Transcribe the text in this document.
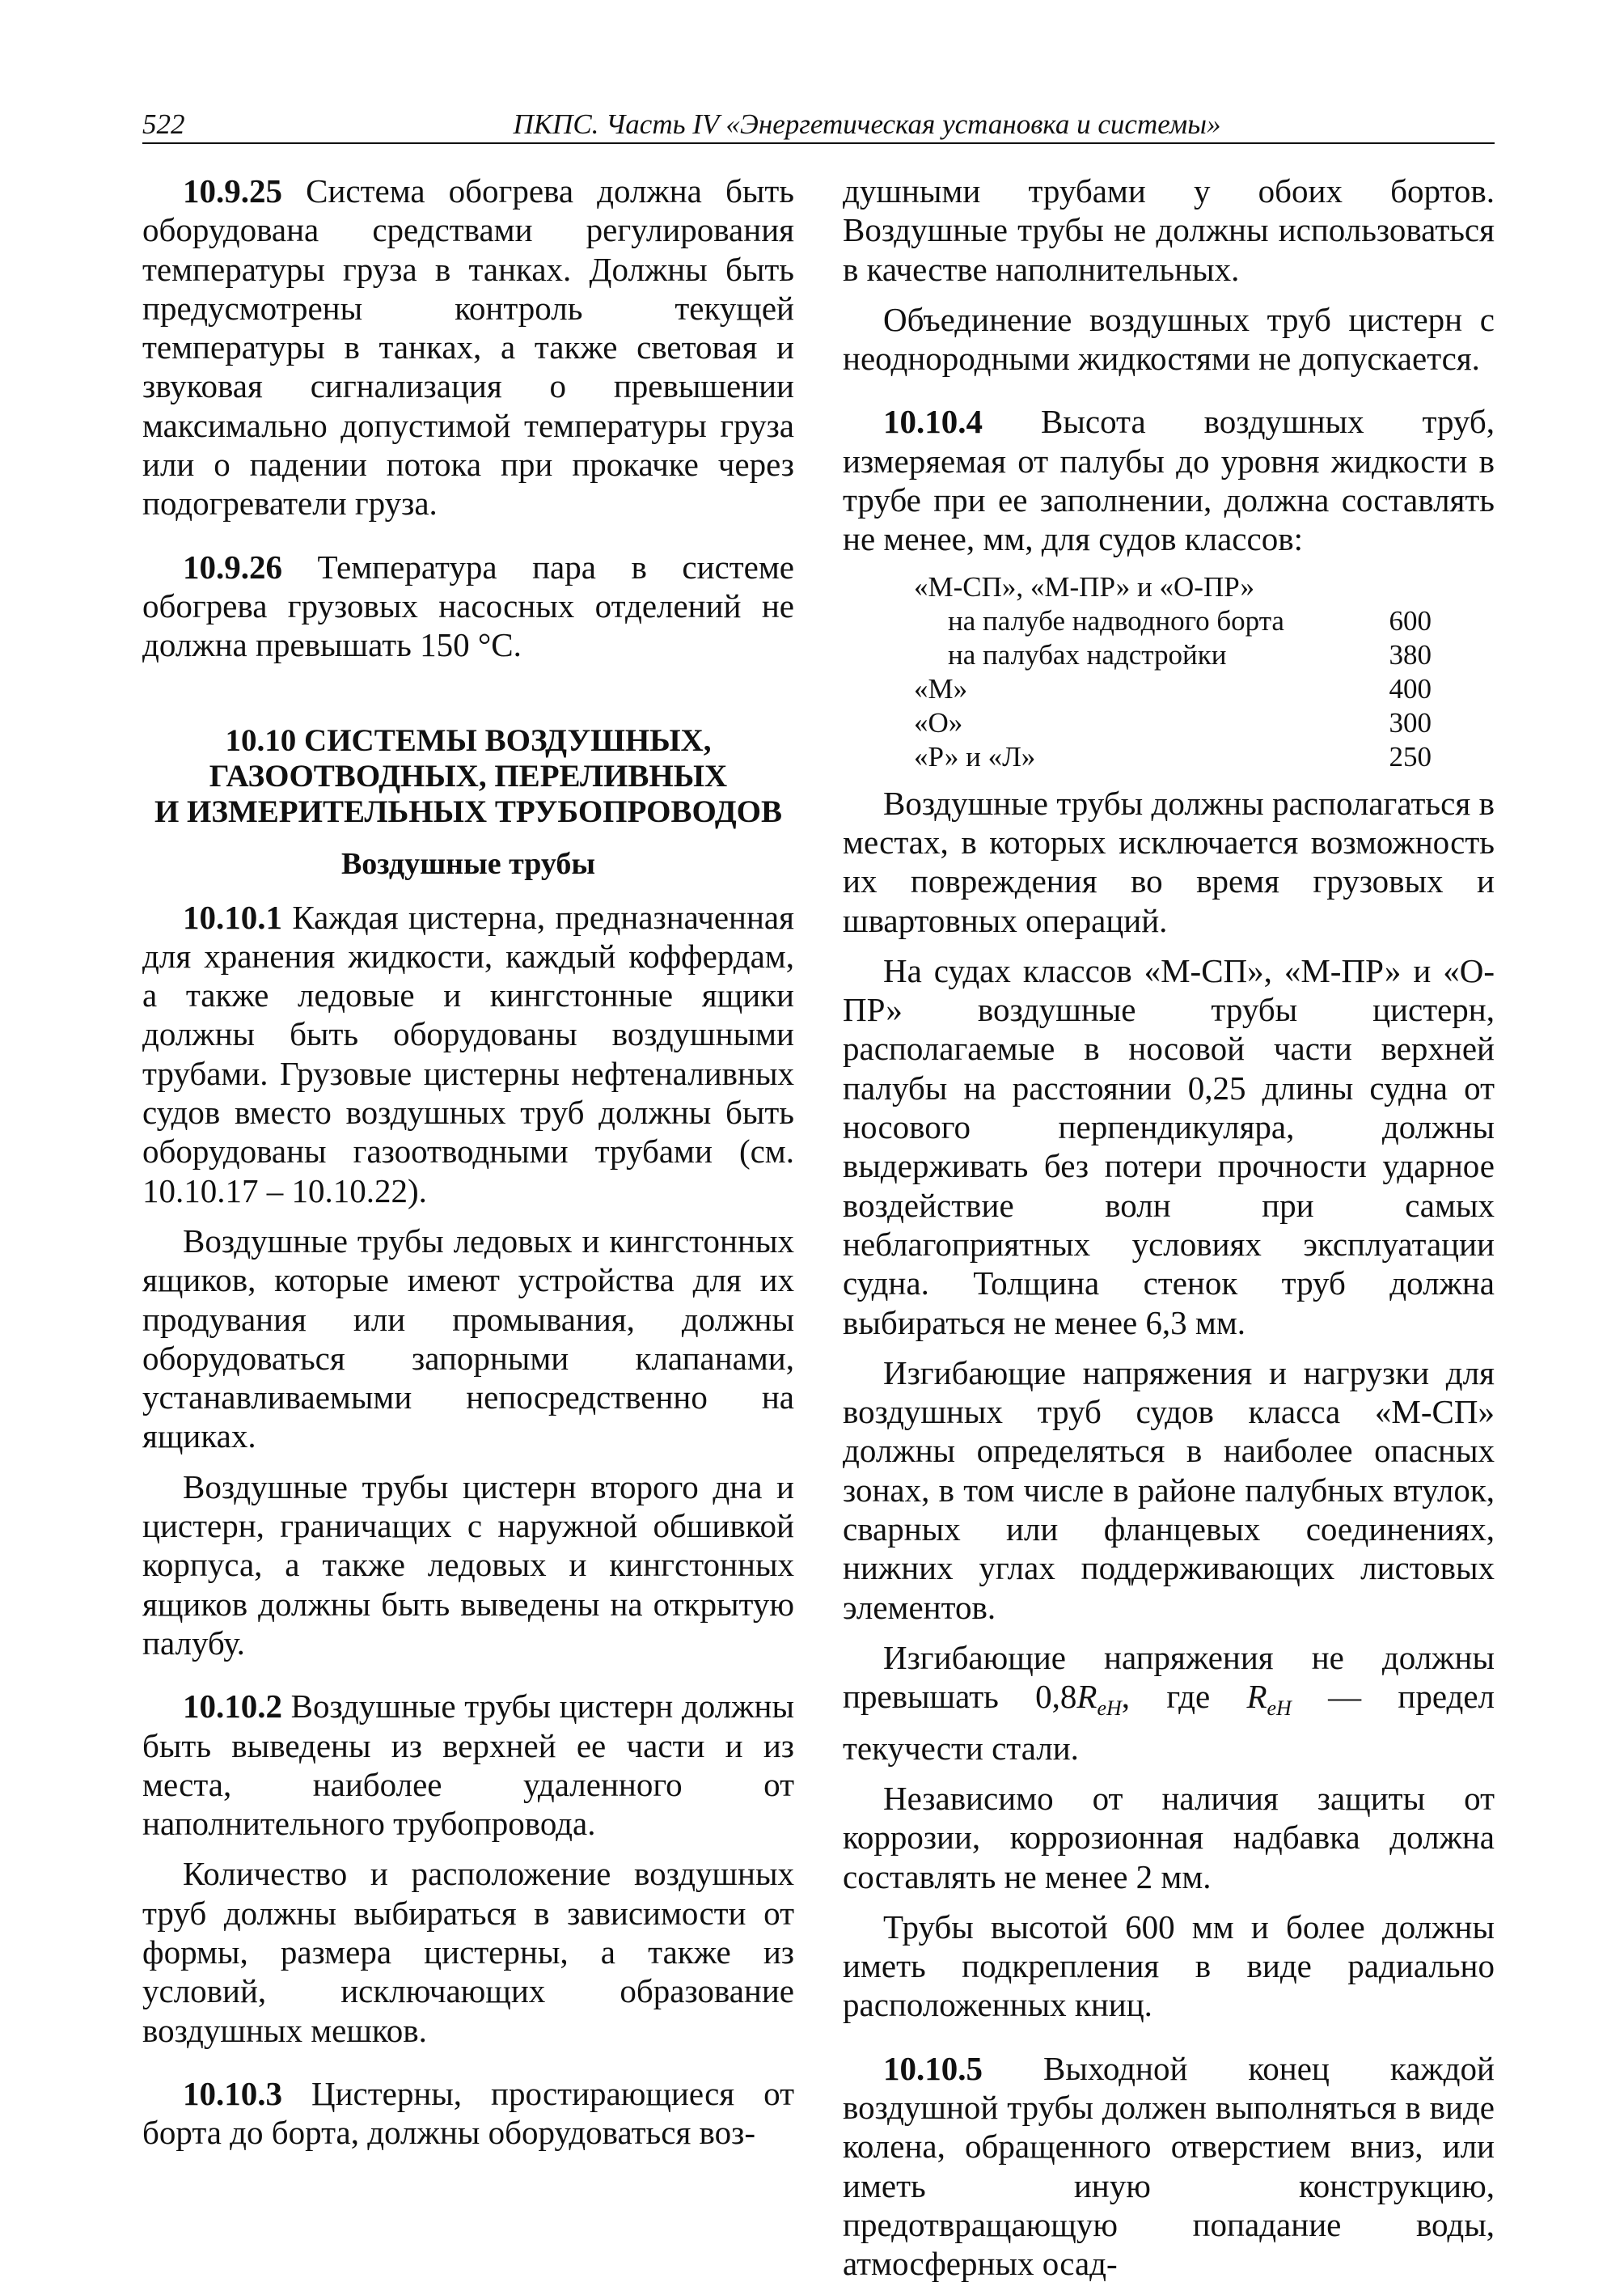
522	ПКПС. Часть IV «Энергетическая установка и системы»

10.9.25 Система обогрева должна быть оборудована средствами регулирования температуры груза в танках. Должны быть предусмотрены контроль текущей температуры в танках, а также световая и звуковая сигнализация о превышении максимально допустимой температуры груза или о падении потока при прокачке через подогреватели груза.

10.9.26 Температура пара в системе обогрева грузовых насосных отделений не должна превышать 150 °С.

10.10 СИСТЕМЫ ВОЗДУШНЫХ,
ГАЗООТВОДНЫХ, ПЕРЕЛИВНЫХ
И ИЗМЕРИТЕЛЬНЫХ ТРУБОПРОВОДОВ
Воздушные трубы

10.10.1 Каждая цистерна, предназначенная для хранения жидкости, каждый коффердам, а также ледовые и кингстонные ящики должны быть оборудованы воздушными трубами. Грузовые цистерны нефтеналивных судов вместо воздушных труб должны быть оборудованы газоотводными трубами (см. 10.10.17 – 10.10.22).

Воздушные трубы ледовых и кингстонных ящиков, которые имеют устройства для их продувания или промывания, должны оборудоваться запорными клапанами, устанавливаемыми непосредственно на ящиках.

Воздушные трубы цистерн второго дна и цистерн, граничащих с наружной обшивкой корпуса, а также ледовых и кингстонных ящиков должны быть выведены на открытую палубу.

10.10.2 Воздушные трубы цистерн должны быть выведены из верхней ее части и из места, наиболее удаленного от наполнительного трубопровода.

Количество и расположение воздушных труб должны выбираться в зависимости от формы, размера цистерны, а также из условий, исключающих образование воздушных мешков.

10.10.3 Цистерны, простирающиеся от борта до борта, должны оборудоваться воз-

душными трубами у обоих бортов. Воздушные трубы не должны использоваться в качестве наполнительных.

Объединение воздушных труб цистерн с неоднородными жидкостями не допускается.

10.10.4 Высота воздушных труб, измеряемая от палубы до уровня жидкости в трубе при ее заполнении, должна составлять не менее, мм, для судов классов:

«М-СП», «М-ПР» и «О-ПР»
на палубе надводного борта	600
на палубах надстройки	380
«М»	400
«О»	300
«Р» и «Л»	250

Воздушные трубы должны располагаться в местах, в которых исключается возможность их повреждения во время грузовых и швартовных операций.

На судах классов «М-СП», «М-ПР» и «О-ПР» воздушные трубы цистерн, располагаемые в носовой части верхней палубы на расстоянии 0,25 длины судна от носового перпендикуляра, должны выдерживать без потери прочности ударное воздействие волн при самых неблагоприятных условиях эксплуатации судна. Толщина стенок труб должна выбираться не менее 6,3 мм.

Изгибающие напряжения и нагрузки для воздушных труб судов класса «М-СП» должны определяться в наиболее опасных зонах, в том числе в районе палубных втулок, сварных или фланцевых соединениях, нижних углах поддерживающих листовых элементов.

Изгибающие напряжения не должны превышать $0,8R_{eH}$, где $R_{eH}$ — предел текучести стали.

Независимо от наличия защиты от коррозии, коррозионная надбавка должна составлять не менее 2 мм.

Трубы высотой 600 мм и более должны иметь подкрепления в виде радиально расположенных книц.

10.10.5 Выходной конец каждой воздушной трубы должен выполняться в виде колена, обращенного отверстием вниз, или иметь иную конструкцию, предотвращающую попадание воды, атмосферных осад-
